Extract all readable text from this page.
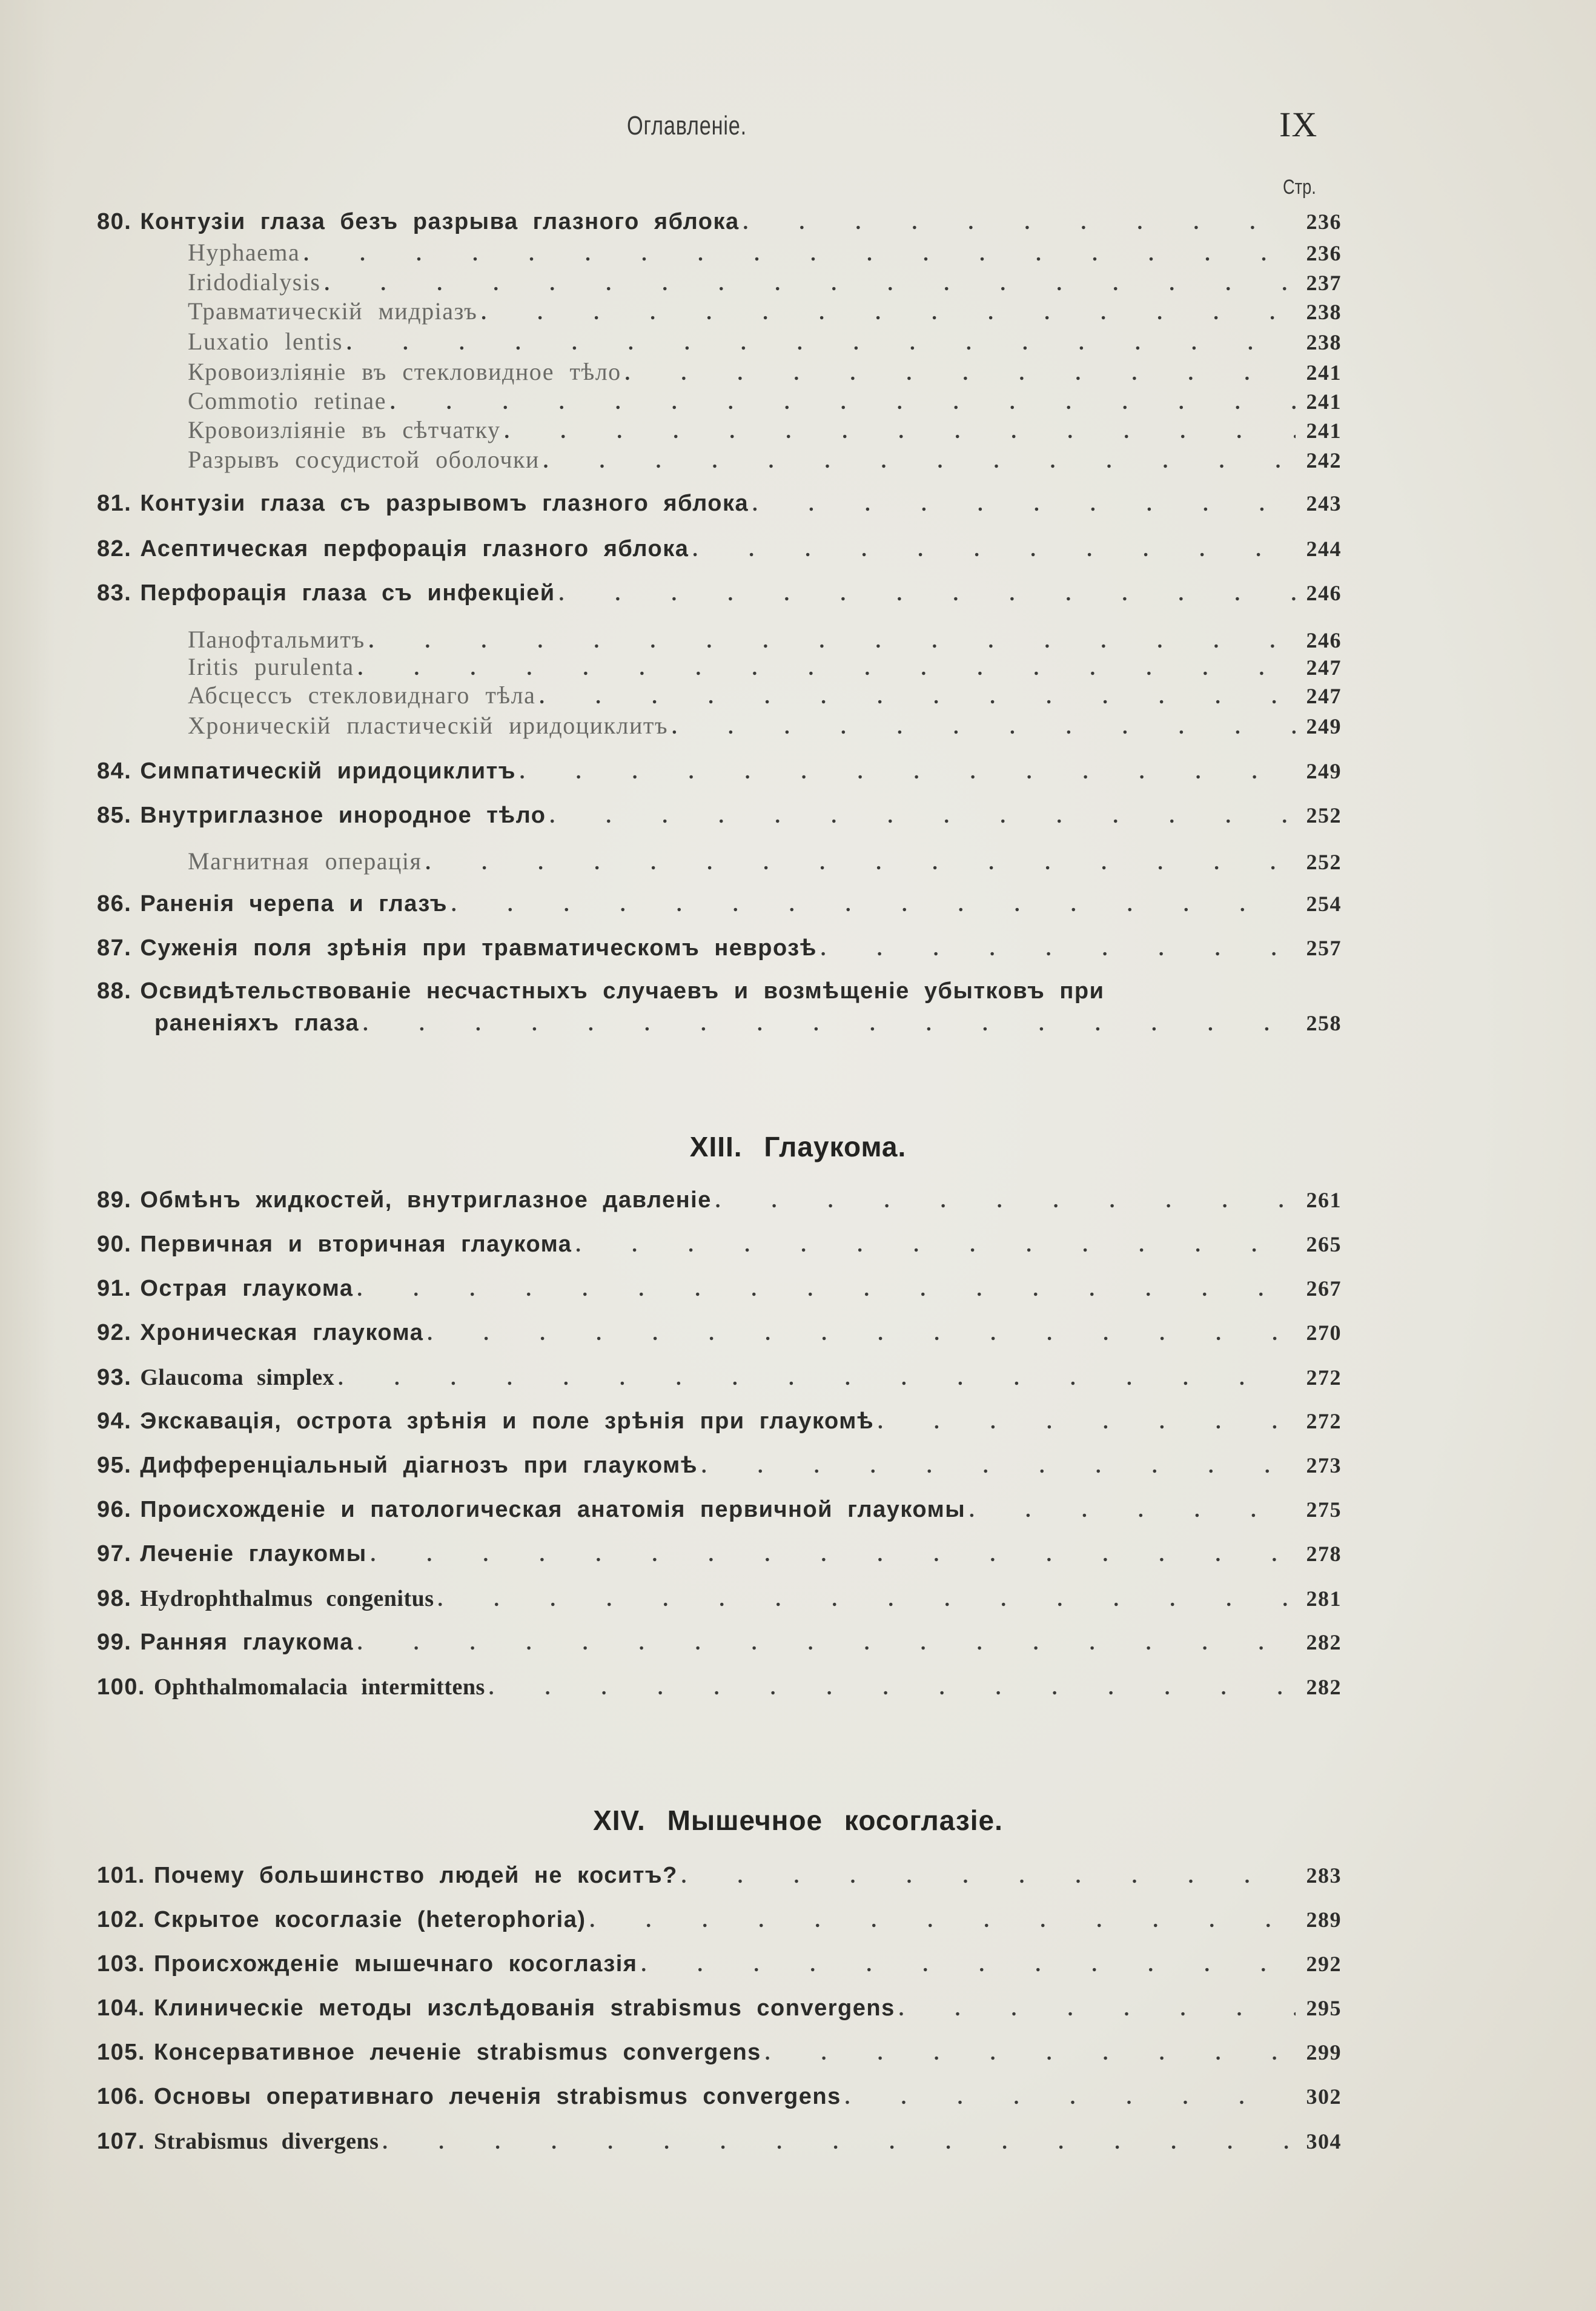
Оглавленіе.	IX
Стр.
80. Контузіи глаза безъ разрыва глазного яблока . . .	236
Hyphaema . . .	236
Iridodialysis . . .	237
Травматическій мидріазъ . . .	238
Luxatio lentis . . .	238
Кровоизліяніе въ стекловидное тѣло . . .	241
Commotio retinae . . .	241
Кровоизліяніе въ сѣтчатку . . .	241
Разрывъ сосудистой оболочки . . .	242
81. Контузіи глаза съ разрывомъ глазного яблока . . .	243
82. Асептическая перфорація глазного яблока . . .	244
83. Перфорація глаза съ инфекціей . . .	246
Панофтальмитъ . . .	246
Iritis purulenta . . .	247
Абсцессъ стекловиднаго тѣла . . .	247
Хроническій пластическій иридоциклитъ . . .	249
84. Симпатическій иридоциклитъ . . .	249
85. Внутриглазное инородное тѣло . . .	252
Магнитная операція . . .	252
86. Раненія черепа и глазъ . . .	254
87. Суженія поля зрѣнія при травматическомъ неврозѣ . . .	257
88. Освидѣтельствованіе несчастныхъ случаевъ и возмѣщеніе убытковъ при
раненіяхъ глаза . . .	258
XIII. Глаукома.
89. Обмѣнъ жидкостей, внутриглазное давленіе . . .	261
90. Первичная и вторичная глаукома . . .	265
91. Острая глаукома . . .	267
92. Хроническая глаукома . . .	270
93. Glaucoma simplex . . .	272
94. Экскавація, острота зрѣнія и поле зрѣнія при глаукомѣ . . .	272
95. Дифференціальный діагнозъ при глаукомѣ . . .	273
96. Происхожденіе и патологическая анатомія первичной глаукомы . . .	275
97. Леченіе глаукомы . . .	278
98. Hydrophthalmus congenitus . . .	281
99. Ранняя глаукома . . .	282
100. Ophthalmomalacia intermittens . . .	282
XIV. Мышечное косоглазіе.
101. Почему большинство людей не коситъ? . . .	283
102. Скрытое косоглазіе (heterophoria) . . .	289
103. Происхожденіе мышечнаго косоглазія . . .	292
104. Клиническіе методы изслѣдованія strabismus convergens . . .	295
105. Консервативное леченіе strabismus convergens . . .	299
106. Основы оперативнаго леченія strabismus convergens . . .	302
107. Strabismus divergens . . .	304
